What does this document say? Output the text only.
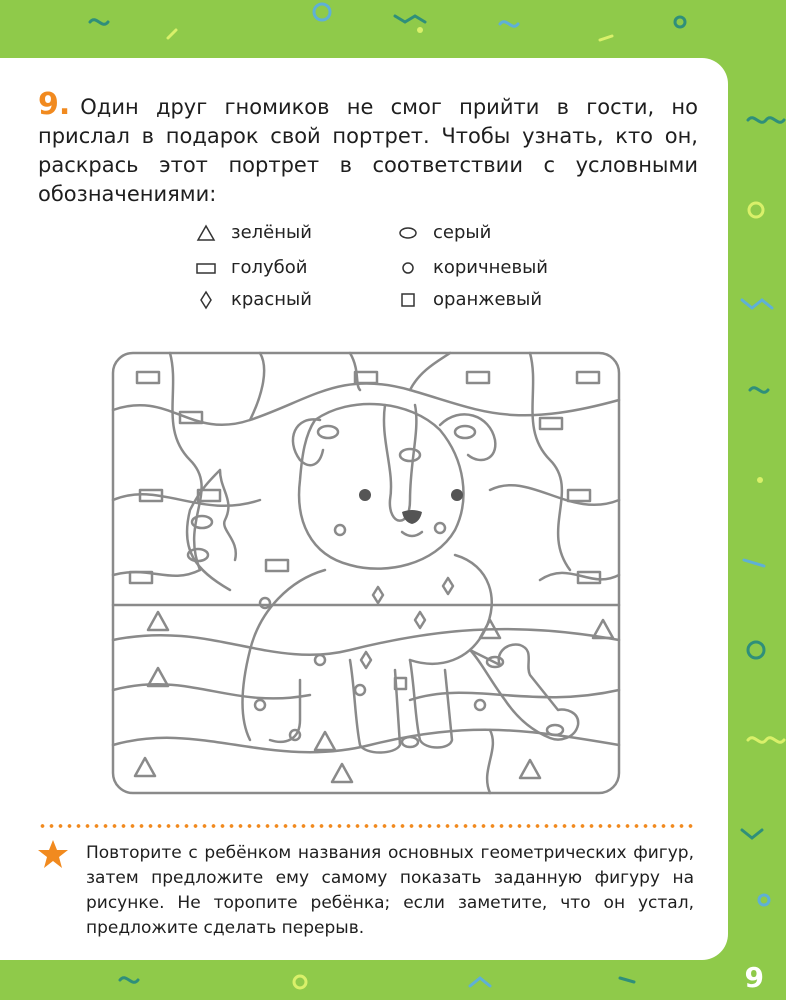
9. Один друг гномиков не смог прийти в гости, но прислал в подарок свой портрет. Чтобы узнать, кто он, раскрась этот портрет в соответствии с условными обозначениями:

зелёный
голубой
красный
серый
коричневый
оранжевый

Повторите с ребёнком названия основных геометрических фигур, затем предложите ему самому показать заданную фигуру на рисунке. Не торопите ребёнка; если заметите, что он устал, предложите сделать перерыв.

9
